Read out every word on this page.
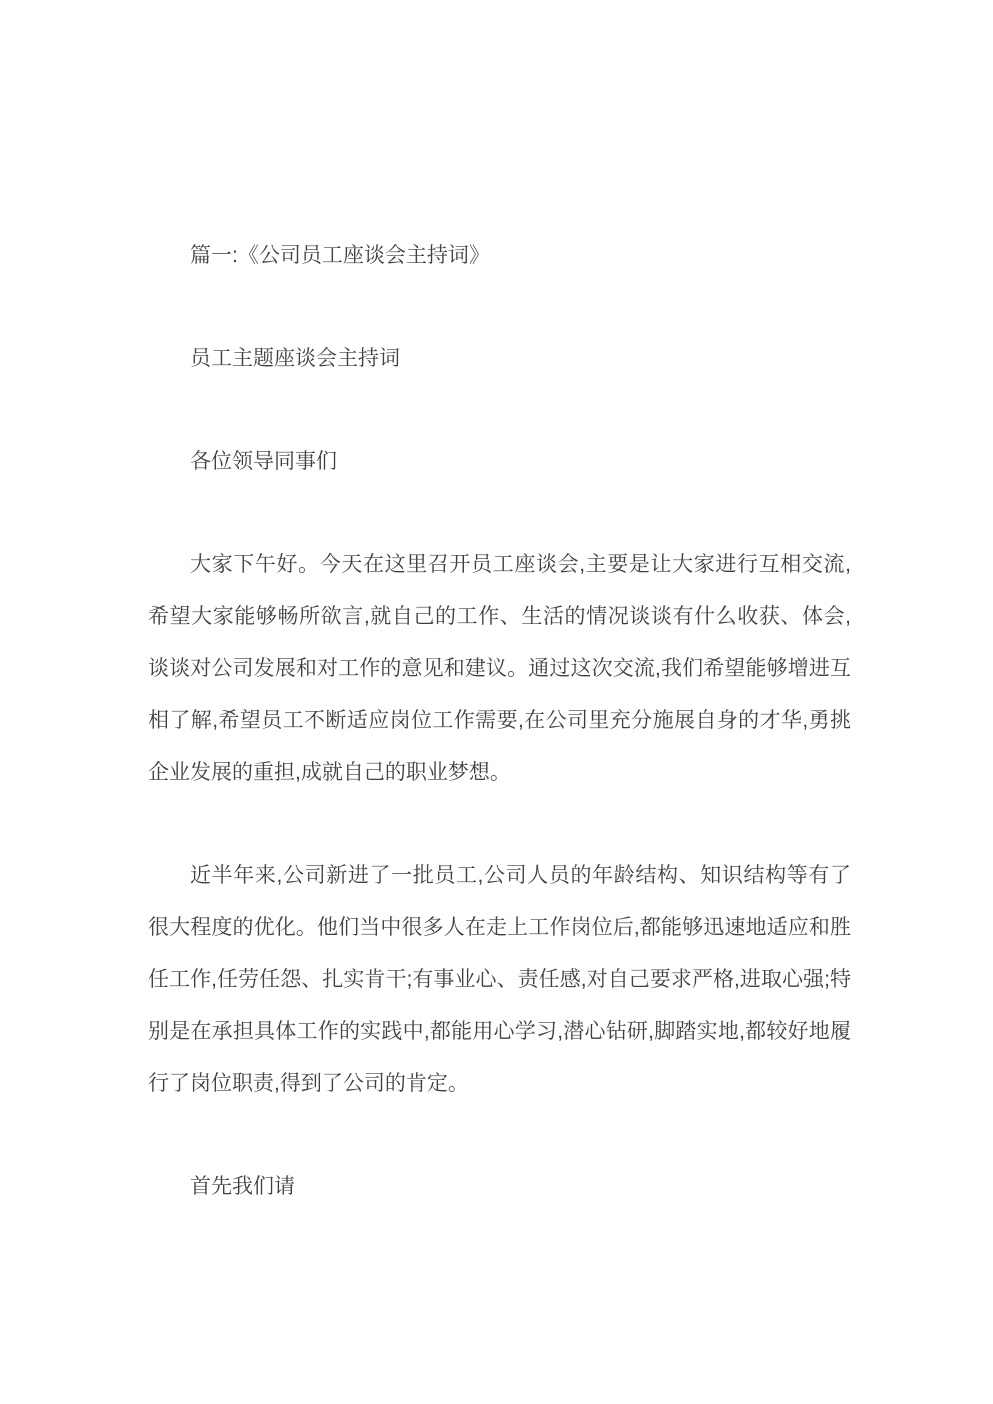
篇一:《公司员工座谈会主持词》

员工主题座谈会主持词

各位领导同事们

大家下午好。今天在这里召开员工座谈会,主要是让大家进行互相交流,希望大家能够畅所欲言,就自己的工作、生活的情况谈谈有什么收获、体会,谈谈对公司发展和对工作的意见和建议。通过这次交流,我们希望能够增进互相了解,希望员工不断适应岗位工作需要,在公司里充分施展自身的才华,勇挑企业发展的重担,成就自己的职业梦想。

近半年来,公司新进了一批员工,公司人员的年龄结构、知识结构等有了很大程度的优化。他们当中很多人在走上工作岗位后,都能够迅速地适应和胜任工作,任劳任怨、扎实肯干;有事业心、责任感,对自己要求严格,进取心强;特别是在承担具体工作的实践中,都能用心学习,潜心钻研,脚踏实地,都较好地履行了岗位职责,得到了公司的肯定。

首先我们请
